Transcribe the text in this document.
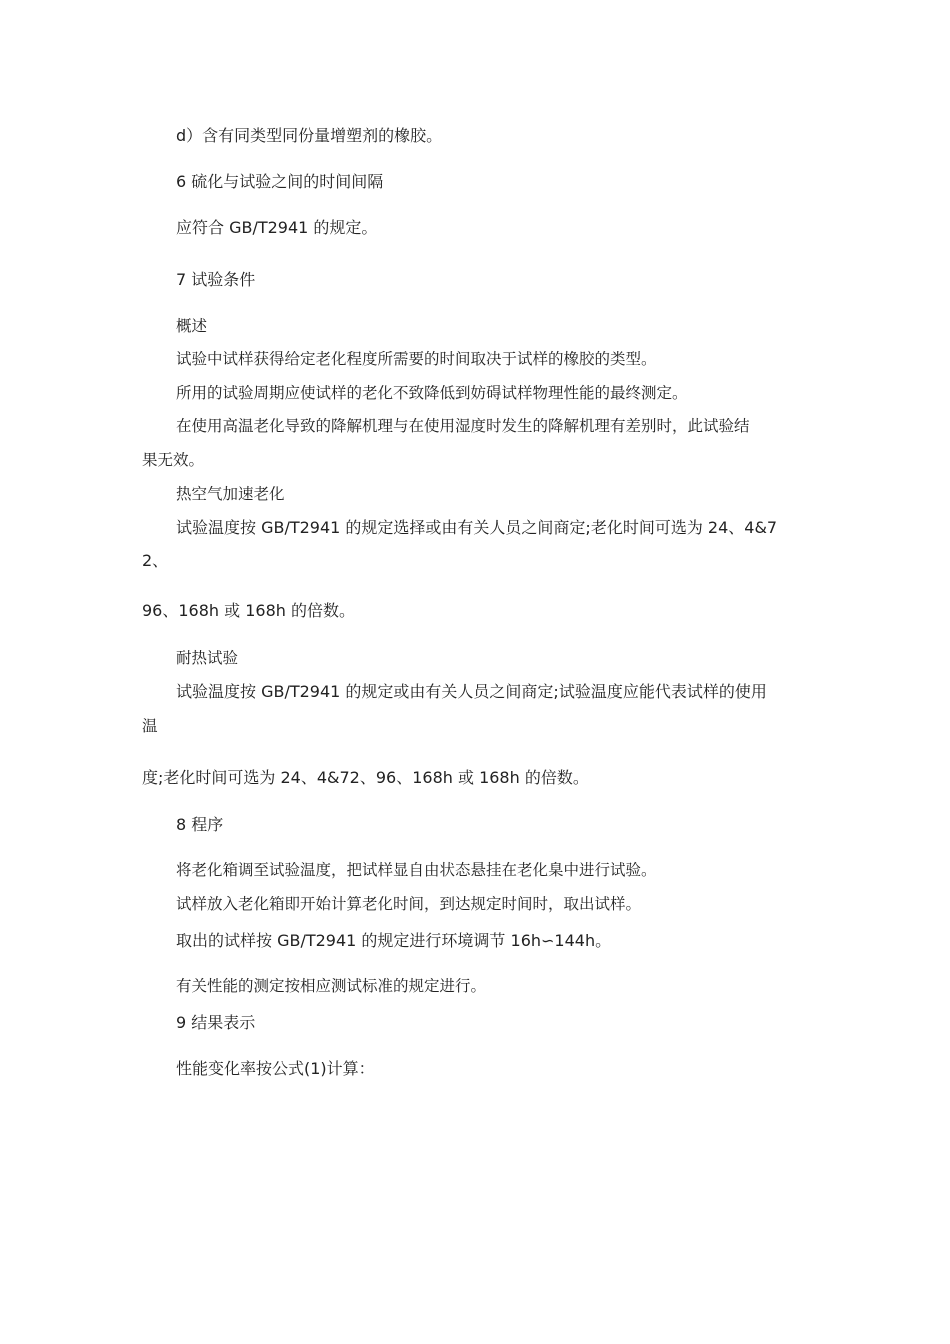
d）含有同类型同份量增塑剂的橡胶。

6 硫化与试验之间的时间间隔

应符合 GB/T2941 的规定。

7 试验条件

概述

试验中试样获得给定老化程度所需要的时间取决于试样的橡胶的类型。

所用的试验周期应使试样的老化不致降低到妨碍试样物理性能的最终测定。

在使用高温老化导致的降解机理与在使用湿度时发生的降解机理有差别时，此试验结

果无效。

热空气加速老化

试验温度按 GB/T2941 的规定选择或由有关人员之间商定;老化时间可选为 24、4&7

2、

96、168h 或 168h 的倍数。

耐热试验

试验温度按 GB/T2941 的规定或由有关人员之间商定;试验温度应能代表试样的使用

温

度;老化时间可选为 24、4&72、96、168h 或 168h 的倍数。

8 程序

将老化箱调至试验温度，把试样显自由状态悬挂在老化臬中进行试验。

试样放入老化箱即开始计算老化时间，到达规定时间时，取出试样。

取出的试样按 GB/T2941 的规定进行环境调节 16h∽144h。

有关性能的测定按相应测试标准的规定进行。

9 结果表示

性能变化率按公式(1)计算：
